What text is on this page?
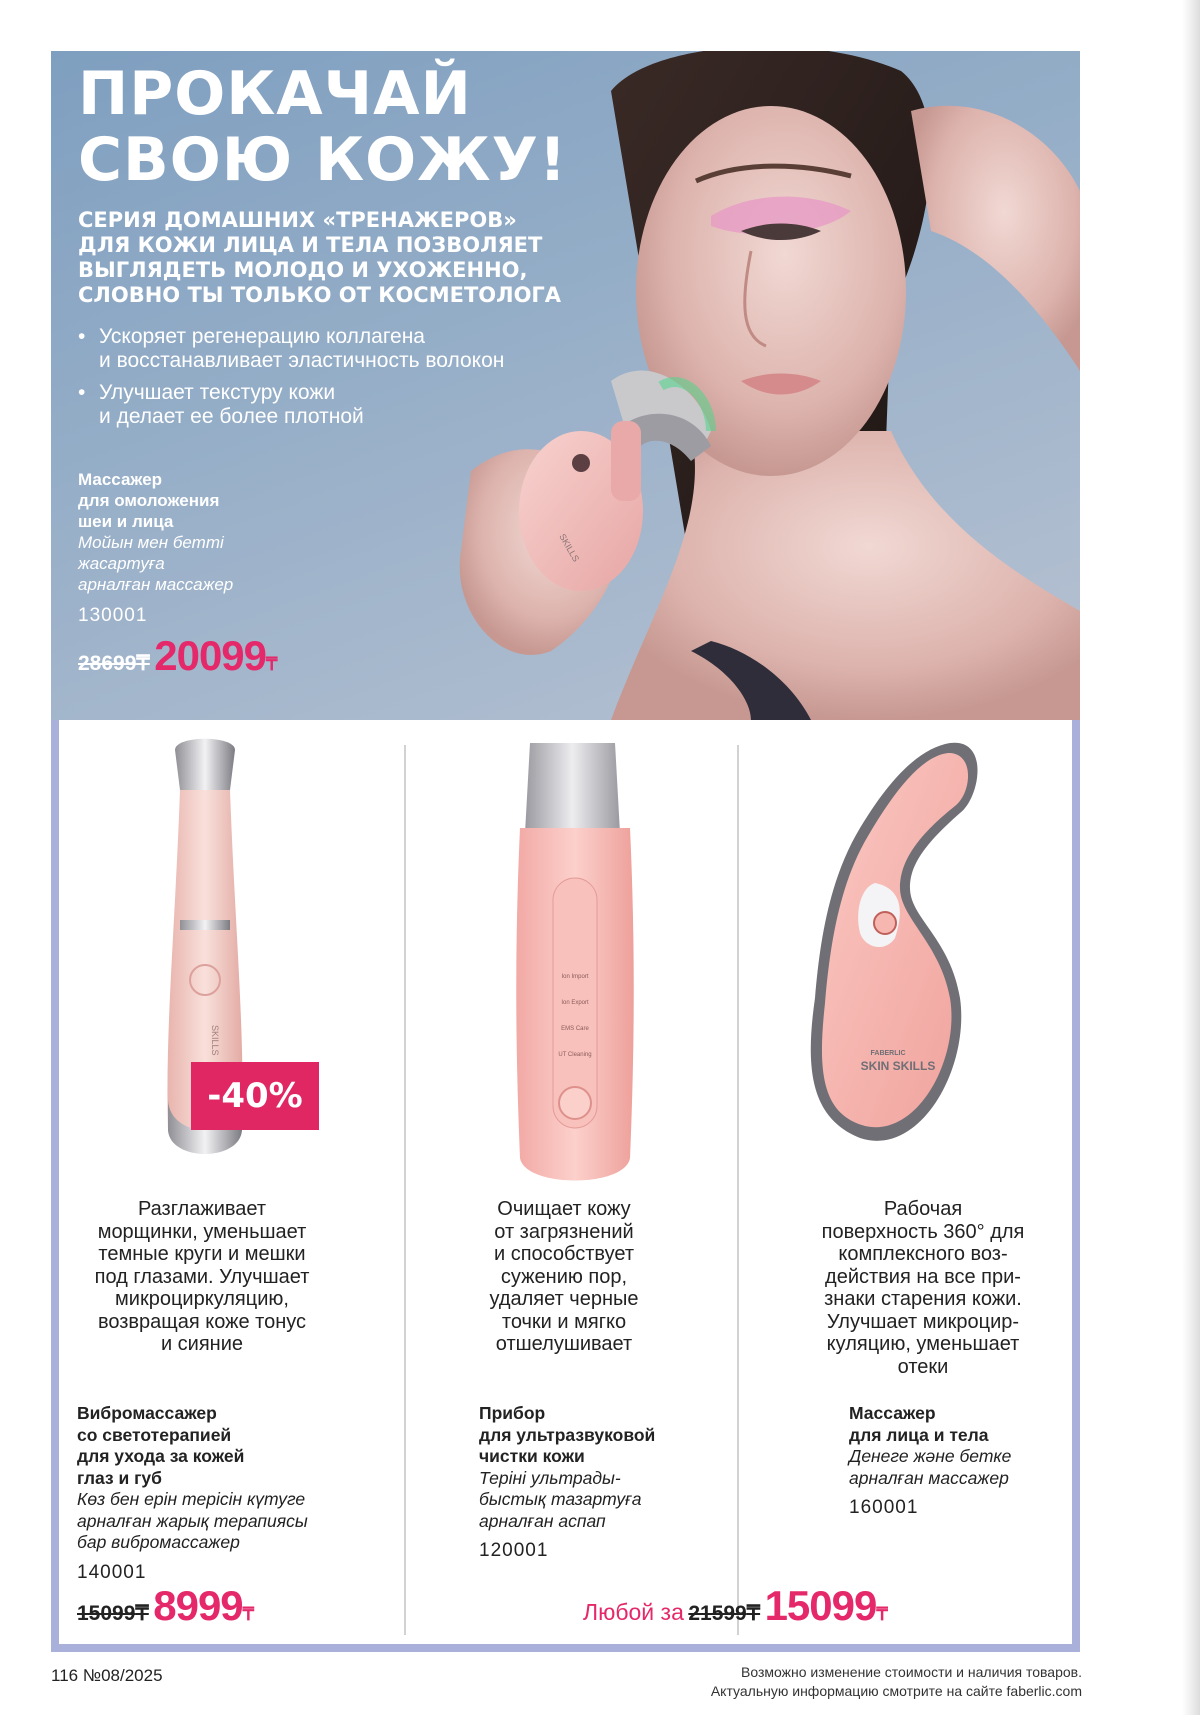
SKILLS
ПРОКАЧАЙ
СВОЮ КОЖУ!

СЕРИЯ ДОМАШНИХ «ТРЕНАЖЕРОВ»
ДЛЯ КОЖИ ЛИЦА И ТЕЛА ПОЗВОЛЯЕТ
ВЫГЛЯДЕТЬ МОЛОДО И УХОЖЕННО,
СЛОВНО ТЫ ТОЛЬКО ОТ КОСМЕТОЛОГА

• Ускоряет регенерацию коллагена
и восстанавливает эластичность волокон
• Улучшает текстуру кожи
и делает ее более плотной
Массажер
для омоложения
шеи и лица
Мойын мен бетті
жасартуға
арналған массажер
130001
28699₸ 20099₸
SKILLS
-40%
Ion Import
Ion Export
EMS Care
UT Cleaning	FABERLIC
SKIN SKILLS
Разглаживает
морщинки, уменьшает
темные круги и мешки
под глазами. Улучшает
микроциркуляцию,
возвращая коже тонус
и сияние
Очищает кожу
от загрязнений
и способствует
сужению пор,
удаляет черные
точки и мягко
отшелушивает
Рабочая
поверхность 360° для
комплексного воз-
действия на все при-
знаки старения кожи.
Улучшает микроцир-
куляцию, уменьшает
отеки
Вибромассажер
со светотерапией
для ухода за кожей
глаз и губ
Көз бен ерін терісін күтуге
арналған жарық терапиясы
бар вибромассажер
140001
Прибор
для ультразвуковой
чистки кожи
Теріні ультрады-
быстық тазартуға
арналған аспап
120001
Массажер
для лица и тела
Денеге және бетке
арналған массажер
160001
15099₸ 8999₸	Любой за 21599₸ 15099₸
116 №08/2025	Возможно изменение стоимости и наличия товаров.
Актуальную информацию смотрите на сайте faberlic.com
